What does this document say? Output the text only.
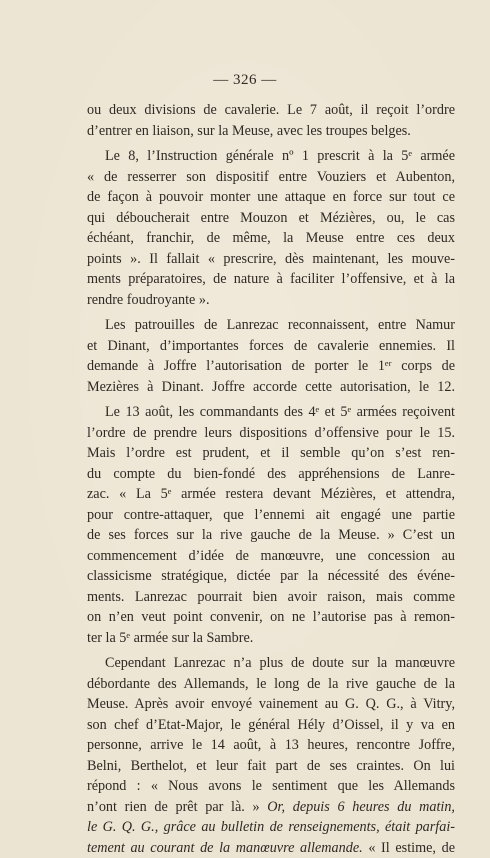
— 326 —
ou deux divisions de cavalerie. Le 7 août, il reçoit l’ordre
d’entrer en liaison, sur la Meuse, avec les troupes belges.
Le 8, l’Instruction générale nº 1 prescrit à la 5ᵉ armée
« de resserrer son dispositif entre Vouziers et Aubenton,
de façon à pouvoir monter une attaque en force sur tout ce
qui déboucherait entre Mouzon et Mézières, ou, le cas
échéant, franchir, de même, la Meuse entre ces deux
points ». Il fallait « prescrire, dès maintenant, les mouve-
ments préparatoires, de nature à faciliter l’offensive, et à la
rendre foudroyante ».
Les patrouilles de Lanrezac reconnaissent, entre Namur
et Dinant, d’importantes forces de cavalerie ennemies. Il
demande à Joffre l’autorisation de porter le 1ᵉʳ corps de
Mezières à Dinant. Joffre accorde cette autorisation, le 12.
Le 13 août, les commandants des 4ᵉ et 5ᵉ armées reçoivent
l’ordre de prendre leurs dispositions d’offensive pour le 15.
Mais l’ordre est prudent, et il semble qu’on s’est ren-
du compte du bien-fondé des appréhensions de Lanre-
zac. « La 5ᵉ armée restera devant Mézières, et attendra,
pour contre-attaquer, que l’ennemi ait engagé une partie
de ses forces sur la rive gauche de la Meuse. » C’est un
commencement d’idée de manœuvre, une concession au
classicisme stratégique, dictée par la nécessité des événe-
ments. Lanrezac pourrait bien avoir raison, mais comme
on n’en veut point convenir, on ne l’autorise pas à remon-
ter la 5ᵉ armée sur la Sambre.
Cependant Lanrezac n’a plus de doute sur la manœuvre
débordante des Allemands, le long de la rive gauche de la
Meuse. Après avoir envoyé vainement au G. Q. G., à Vitry,
son chef d’Etat-Major, le général Hély d’Oissel, il y va en
personne, arrive le 14 août, à 13 heures, rencontre Joffre,
Belni, Berthelot, et leur fait part de ses craintes. On lui
répond : « Nous avons le sentiment que les Allemands
n’ont rien de prêt par là. » Or, depuis 6 heures du matin,
le G. Q. G., grâce au bulletin de renseignements, était parfai-
tement au courant de la manœuvre allemande. « Il estime, de
